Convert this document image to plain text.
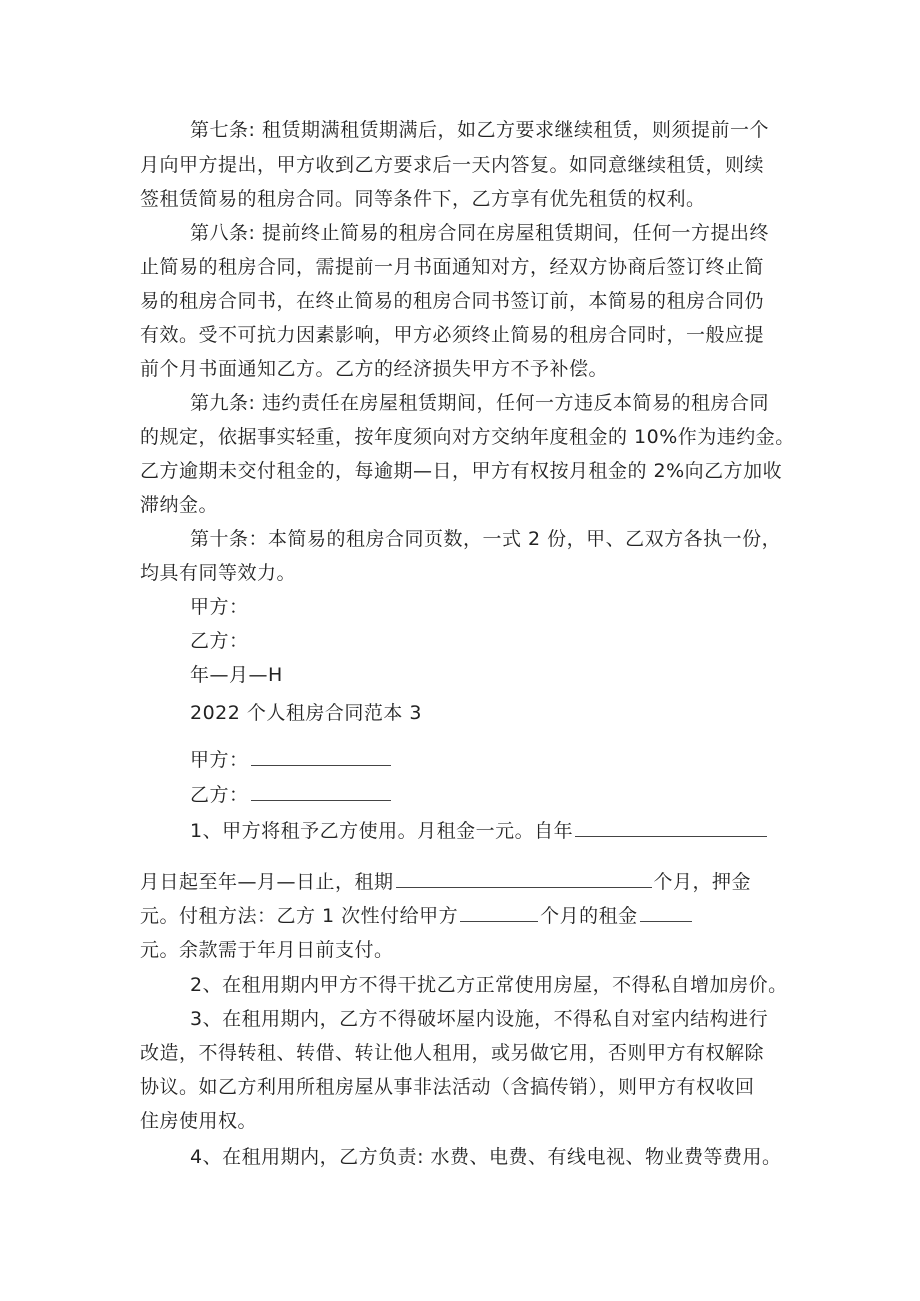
第七条: 租赁期满租赁期满后，如乙方要求继续租赁，则须提前一个
月向甲方提出，甲方收到乙方要求后一天内答复。如同意继续租赁，则续
签租赁简易的租房合同。同等条件下，乙方享有优先租赁的权利。
第八条: 提前终止简易的租房合同在房屋租赁期间，任何一方提出终
止简易的租房合同，需提前一月书面通知对方，经双方协商后签订终止简
易的租房合同书，在终止简易的租房合同书签订前，本简易的租房合同仍
有效。受不可抗力因素影响，甲方必须终止简易的租房合同时，一般应提
前个月书面通知乙方。乙方的经济损失甲方不予补偿。
第九条: 违约责任在房屋租赁期间，任何一方违反本简易的租房合同
的规定，依据事实轻重，按年度须向对方交纳年度租金的 10%作为违约金。
乙方逾期未交付租金的，每逾期—日，甲方有权按月租金的 2%向乙方加收
滞纳金。
第十条：本简易的租房合同页数，一式 2 份，甲、乙双方各执一份，
均具有同等效力。
甲方：
乙方：
年—月—H
2022 个人租房合同范本 3
甲方：
乙方：
1、甲方将租予乙方使用。月租金一元。自年
月日起至年—月—日止，租期	个月，押金
元。付租方法：乙方 1 次性付给甲方	个月的租金
元。余款需于年月日前支付。
2、在租用期内甲方不得干扰乙方正常使用房屋，不得私自增加房价。
3、在租用期内，乙方不得破坏屋内设施，不得私自对室内结构进行
改造，不得转租、转借、转让他人租用，或另做它用，否则甲方有权解除
协议。如乙方利用所租房屋从事非法活动（含搞传销），则甲方有权收回
住房使用权。
4、在租用期内，乙方负责: 水费、电费、有线电视、物业费等费用。
